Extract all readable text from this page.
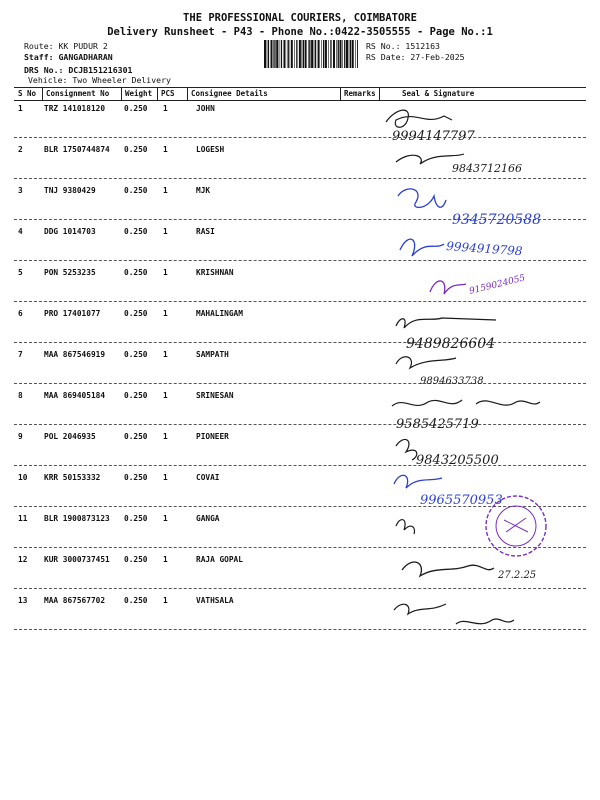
THE PROFESSIONAL COURIERS, COIMBATORE
Delivery Runsheet - P43 - Phone No.:0422-3505555 - Page No.:1
Route: KK PUDUR 2
Staff: GANGADHARAN
DRS No.: DCJB151216301
Vehicle: Two Wheeler Delivery
RS No.: 1512163
RS Date: 27-Feb-2025
S No Consignment No Weight PCS Consignee Details	Remarks	Seal & Signature
1	TRZ 141018120 0.250 1	JOHN
2	BLR 1750744874 0.250 1	LOGESH
3	TNJ 9380429	0.250 1	MJK
4	DDG 1014703	0.250 1	RASI
5	PON 5253235	0.250 1	KRISHNAN
6	PRO 17401077	0.250 1	MAHALINGAM
7	MAA 867546919 0.250 1	SAMPATH
8	MAA 869405184 0.250 1	SRINESAN
9	POL 2046935	0.250 1	PIONEER
10 KRR 50153332	0.250 1	COVAI
11 BLR 1900873123 0.250 1	GANGA
12 KUR 3000737451 0.250 1	RAJA GOPAL
13 MAA 867567702 0.250 1	VATHSALA
9994147797
9843712166
9345720588
9994919798
9159024055
9489826604
9894633738
9585425719
9843205500
9965570953
27.2.25
